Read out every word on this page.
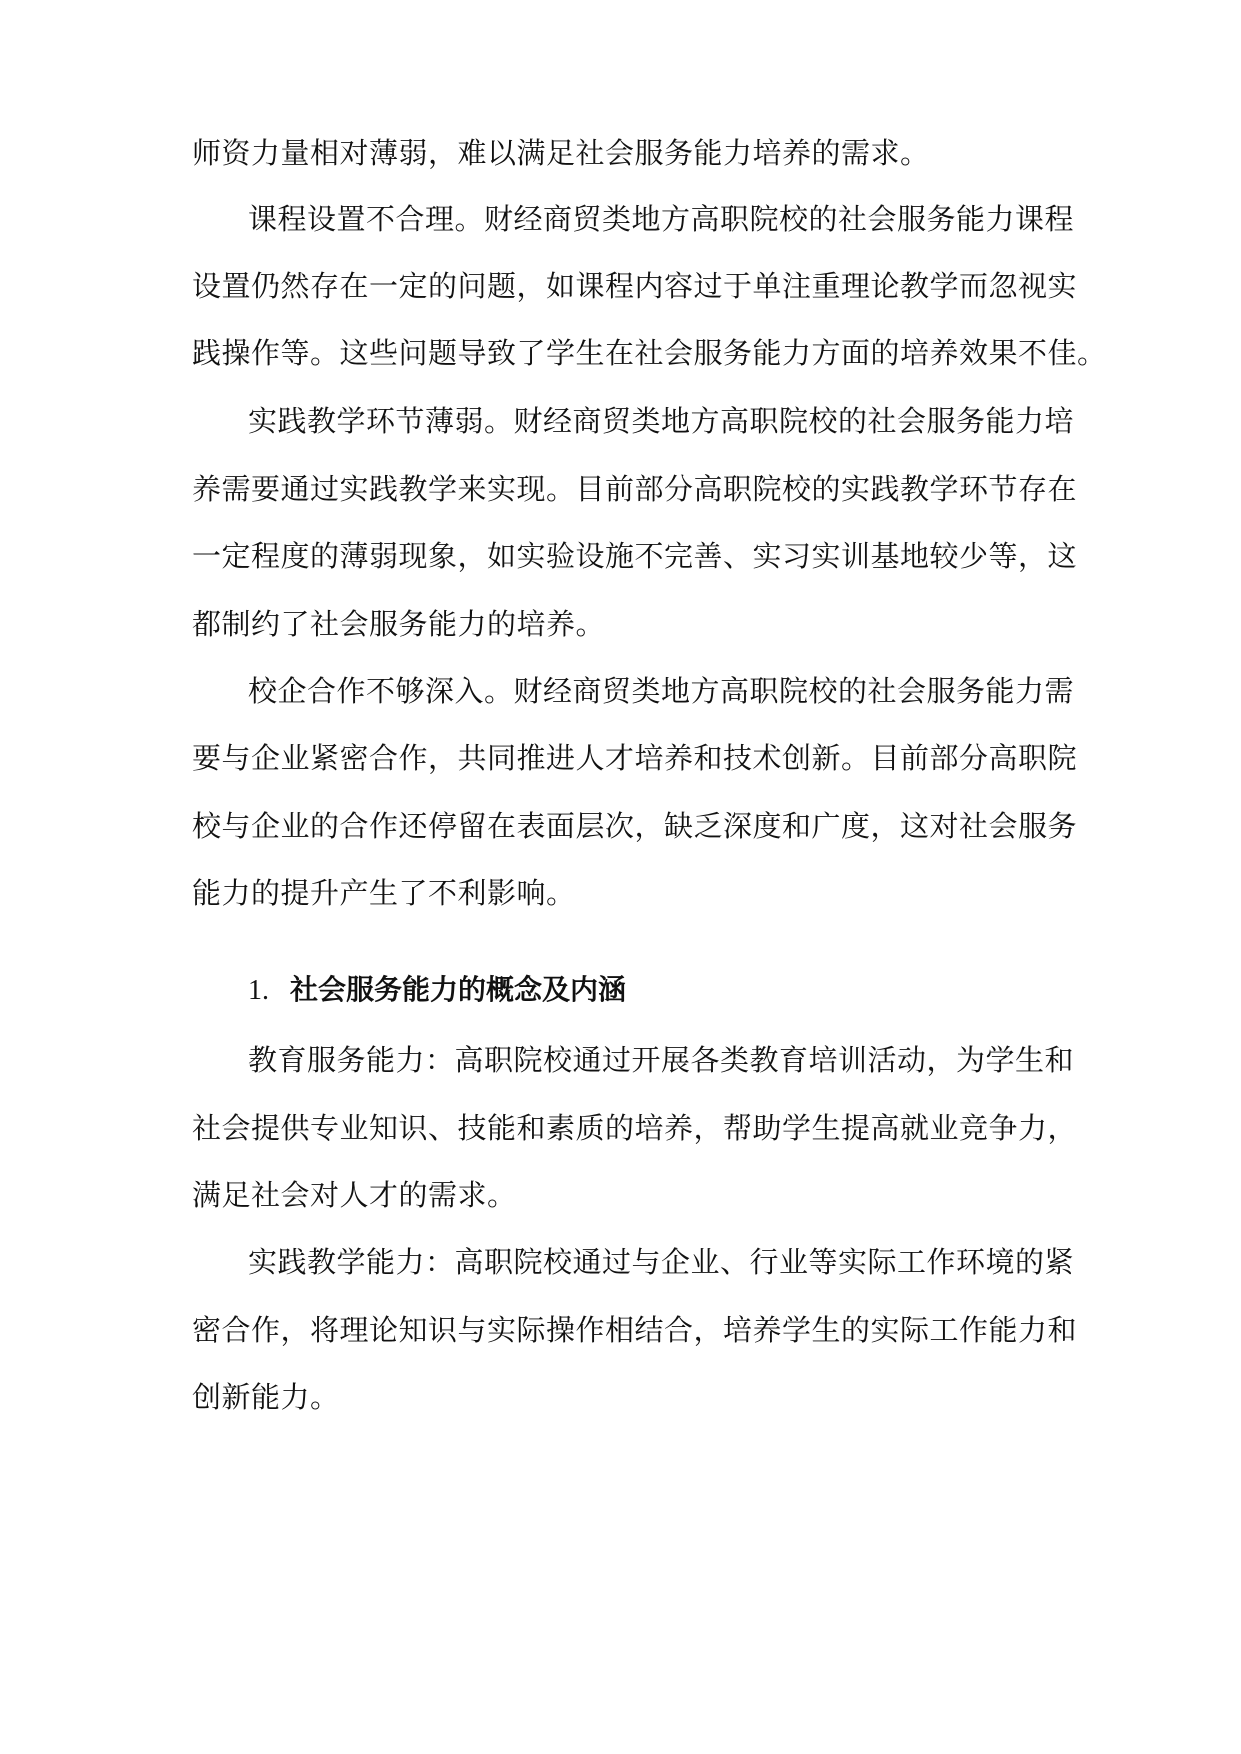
师资力量相对薄弱，难以满足社会服务能力培养的需求。
课程设置不合理。财经商贸类地方高职院校的社会服务能力课程
设置仍然存在一定的问题，如课程内容过于单注重理论教学而忽视实
践操作等。这些问题导致了学生在社会服务能力方面的培养效果不佳。
实践教学环节薄弱。财经商贸类地方高职院校的社会服务能力培
养需要通过实践教学来实现。目前部分高职院校的实践教学环节存在
一定程度的薄弱现象，如实验设施不完善、实习实训基地较少等，这
都制约了社会服务能力的培养。
校企合作不够深入。财经商贸类地方高职院校的社会服务能力需
要与企业紧密合作，共同推进人才培养和技术创新。目前部分高职院
校与企业的合作还停留在表面层次，缺乏深度和广度，这对社会服务
能力的提升产生了不利影响。
1. 社会服务能力的概念及内涵
教育服务能力：高职院校通过开展各类教育培训活动，为学生和
社会提供专业知识、技能和素质的培养，帮助学生提高就业竞争力，
满足社会对人才的需求。
实践教学能力：高职院校通过与企业、行业等实际工作环境的紧
密合作，将理论知识与实际操作相结合，培养学生的实际工作能力和
创新能力。
